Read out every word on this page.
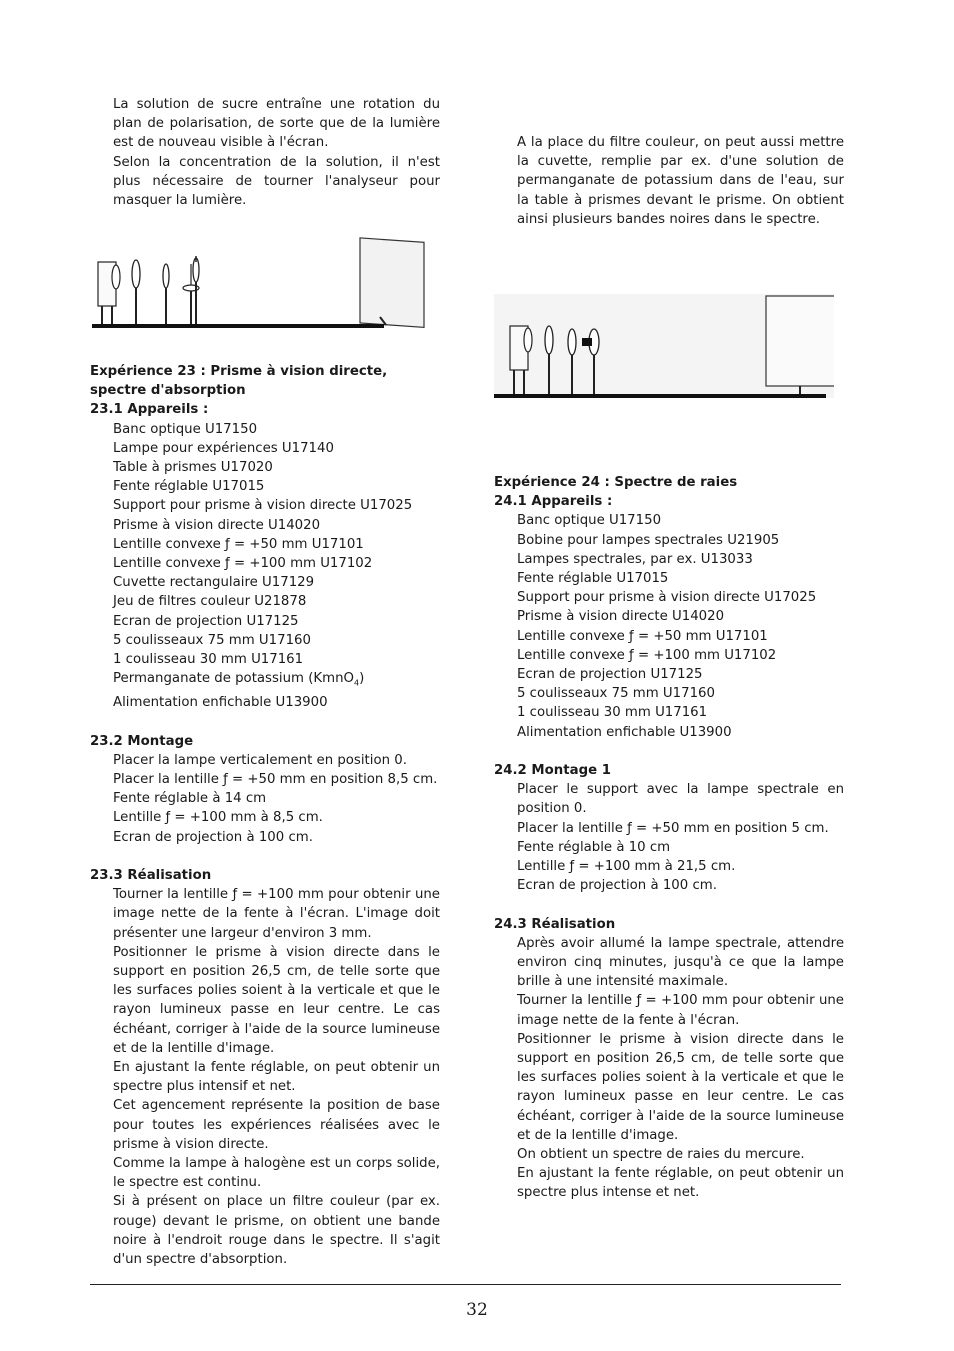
La solution de sucre entraîne une rotation du plan de polarisation, de sorte que de la lumière est de nouveau visible à l'écran.

Selon la concentration de la solution, il n'est plus nécessaire de tourner l'analyseur pour masquer la lumière.

Expérience 23 : Prisme à vision directe, spectre d'absorption

23.1 Appareils :

Banc optique U17150

Lampe pour expériences U17140

Table à prismes U17020

Fente réglable U17015

Support pour prisme à vision directe U17025

Prisme à vision directe U14020

Lentille convexe ƒ = +50 mm U17101

Lentille convexe ƒ = +100 mm U17102

Cuvette rectangulaire U17129

Jeu de filtres couleur U21878

Ecran de projection U17125

5 coulisseaux 75 mm U17160

1 coulisseau 30 mm U17161

Permanganate de potassium (KmnO$_4$)

Alimentation enfichable U13900

23.2 Montage

Placer la lampe verticalement en position 0.

Placer la lentille ƒ = +50 mm en position 8,5 cm.

Fente réglable à 14 cm

Lentille ƒ = +100 mm à 8,5 cm.

Ecran de projection à 100 cm.

23.3 Réalisation

Tourner la lentille ƒ = +100 mm pour obtenir une image nette de la fente à l'écran. L'image doit présenter une largeur d'environ 3 mm.

Positionner le prisme à vision directe dans le support en position 26,5 cm, de telle sorte que les surfaces polies soient à la verticale et que le rayon lumineux passe en leur centre. Le cas échéant, corriger à l'aide de la source lumineuse et de la lentille d'image.

En ajustant la fente réglable, on peut obtenir un spectre plus intensif et net.

Cet agencement représente la position de base pour toutes les expériences réalisées avec le prisme à vision directe.

Comme la lampe à halogène est un corps solide, le spectre est continu.

Si à présent on place un filtre couleur (par ex. rouge) devant le prisme, on obtient une bande noire à l'endroit rouge dans le spectre. Il s'agit d'un spectre d'absorption.

A la place du filtre couleur, on peut aussi mettre la cuvette, remplie par ex. d'une solution de permanganate de potassium dans de l'eau, sur la table à prismes devant le prisme. On obtient ainsi plusieurs bandes noires dans le spectre.

Expérience 24 : Spectre de raies

24.1 Appareils :

Banc optique U17150

Bobine pour lampes spectrales U21905

Lampes spectrales, par ex. U13033

Fente réglable U17015

Support pour prisme à vision directe U17025

Prisme à vision directe U14020

Lentille convexe ƒ = +50 mm U17101

Lentille convexe ƒ = +100 mm U17102

Ecran de projection U17125

5 coulisseaux 75 mm U17160

1 coulisseau 30 mm U17161

Alimentation enfichable U13900

24.2 Montage 1

Placer le support avec la lampe spectrale en position 0.

Placer la lentille ƒ = +50 mm en position 5 cm.

Fente réglable à 10 cm

Lentille ƒ = +100 mm à 21,5 cm.

Ecran de projection à 100 cm.

24.3 Réalisation

Après avoir allumé la lampe spectrale, attendre environ cinq minutes, jusqu'à ce que la lampe brille à une intensité maximale.

Tourner la lentille ƒ = +100 mm pour obtenir une image nette de la fente à l'écran.

Positionner le prisme à vision directe dans le support en position 26,5 cm, de telle sorte que les surfaces polies soient à la verticale et que le rayon lumineux passe en leur centre. Le cas échéant, corriger à l'aide de la source lumineuse et de la lentille d'image.

On obtient un spectre de raies du mercure.

En ajustant la fente réglable, on peut obtenir un spectre plus intense et net.

32
